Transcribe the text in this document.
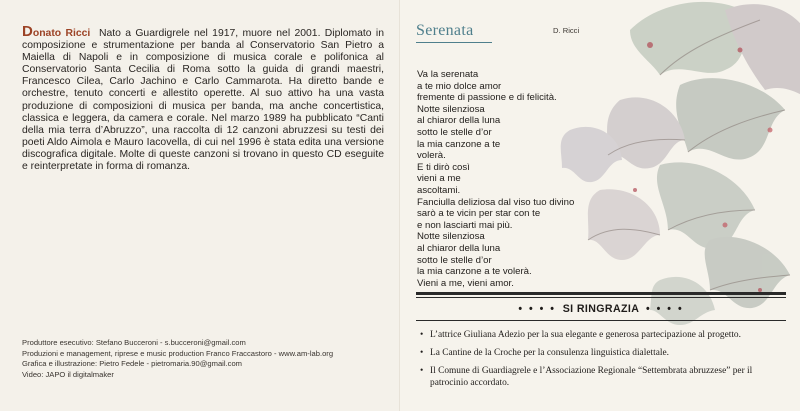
Donato Ricci Nato a Guardigrele nel 1917, muore nel 2001. Diplomato in composizione e strumentazione per banda al Conservatorio San Pietro a Maiella di Napoli e in composizione di musica corale e polifonica al Conservatorio Santa Cecilia di Roma sotto la guida di grandi maestri, Francesco Cilea, Carlo Jachino e Carlo Cammarota. Ha diretto bande e orchestre, tenuto concerti e allestito operette. Al suo attivo ha una vasta produzione di composizioni di musica per banda, ma anche concertistica, classica e leggera, da camera e corale. Nel marzo 1989 ha pubblicato “Canti della mia terra d’Abruzzo”, una raccolta di 12 canzoni abruzzesi su testi dei poeti Aldo Aimola e Mauro Iacovella, di cui nel 1996 è stata edita una versione discografica digitale. Molte di queste canzoni si trovano in questo CD eseguite e reinterpretate in forma di romanza.

Produttore esecutivo: Stefano Bucceroni - s.bucceroni@gmail.com
Produzioni e management, riprese e music production Franco Fraccastoro - www.am-lab.org
Grafica e illustrazione: Pietro Fedele - pietromaria.90@gmail.com
Video: JAPO il digitalmaker
Serenata	D. Ricci
Va la serenata
a te mio dolce amor
fremente di passione e di felicità.
Notte silenziosa
al chiaror della luna
sotto le stelle d’or
la mia canzone a te
volerà.
E ti dirò così
vieni a me
ascoltami.
Fanciulla deliziosa dal viso tuo divino
sarò a te vicin per star con te
e non lasciarti mai più.
Notte silenziosa
al chiaror della luna
sotto le stelle d’or
la mia canzone a te volerà.
Vieni a me, vieni amor.
• • • • SI RINGRAZIA • • • •
• L’attrice Giuliana Adezio per la sua elegante e generosa partecipazione al progetto.
• La Cantine de la Croche per la consulenza linguistica dialettale.
• Il Comune di Guardiagrele e l’Associazione Regionale “Settembrata abruzzese” per il patrocinio accordato.
